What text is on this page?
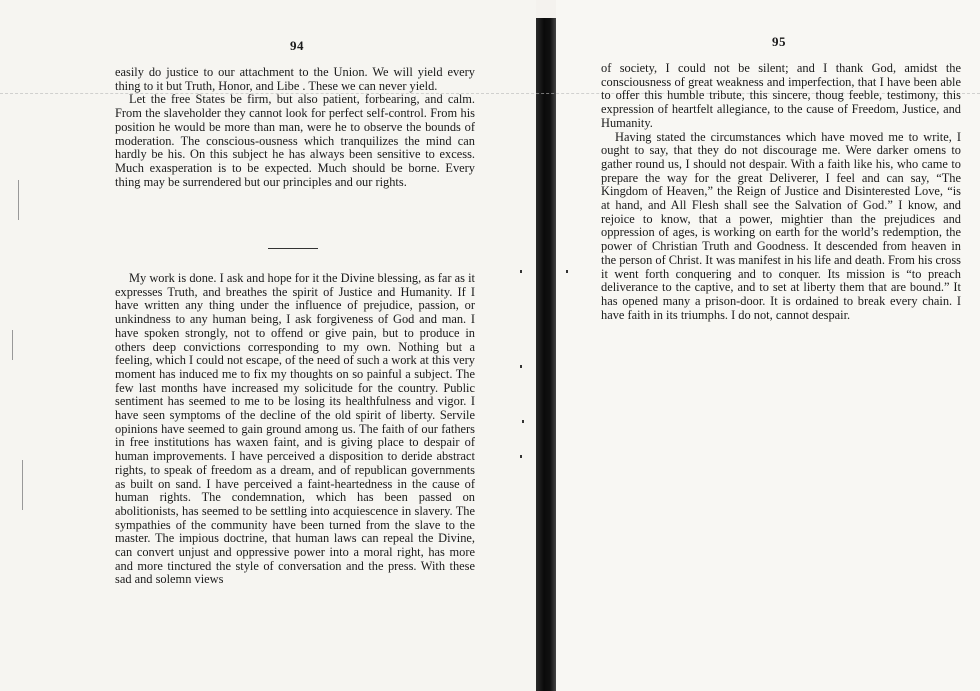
94	95

easily do justice to our attachment to the Union. We will yield every thing to it but Truth, Honor, and Libe . These we can never yield.

Let the free States be firm, but also patient, forbearing, and calm. From the slaveholder they cannot look for perfect self-control. From his position he would be more than man, were he to observe the bounds of moderation. The conscious-ousness which tranquilizes the mind can hardly be his. On this subject he has always been sensitive to excess. Much exasperation is to be expected. Much should be borne. Every thing may be surrendered but our principles and our rights.

My work is done. I ask and hope for it the Divine blessing, as far as it expresses Truth, and breathes the spirit of Justice and Humanity. If I have written any thing under the influence of prejudice, passion, or unkindness to any human being, I ask forgiveness of God and man. I have spoken strongly, not to offend or give pain, but to produce in others deep convictions corresponding to my own. Nothing but a feeling, which I could not escape, of the need of such a work at this very moment has induced me to fix my thoughts on so painful a subject. The few last months have increased my solicitude for the country. Public sentiment has seemed to me to be losing its healthfulness and vigor. I have seen symptoms of the decline of the old spirit of liberty. Servile opinions have seemed to gain ground among us. The faith of our fathers in free institutions has waxen faint, and is giving place to despair of human improvements. I have perceived a disposition to deride abstract rights, to speak of freedom as a dream, and of republican governments as built on sand. I have perceived a faint-heartedness in the cause of human rights. The condemnation, which has been passed on abolitionists, has seemed to be settling into acquiescence in slavery. The sympathies of the community have been turned from the slave to the master. The impious doctrine, that human laws can repeal the Divine, can convert unjust and oppressive power into a moral right, has more and more tinctured the style of conversation and the press. With these sad and solemn views

of society, I could not be silent; and I thank God, amidst the consciousness of great weakness and imperfection, that I have been able to offer this humble tribute, this sincere, thoug feeble, testimony, this expression of heartfelt allegiance, to the cause of Freedom, Justice, and Humanity.

Having stated the circumstances which have moved me to write, I ought to say, that they do not discourage me. Were darker omens to gather round us, I should not despair. With a faith like his, who came to prepare the way for the great Deliverer, I feel and can say, “The Kingdom of Heaven,” the Reign of Justice and Disinterested Love, “is at hand, and All Flesh shall see the Salvation of God.” I know, and rejoice to know, that a power, mightier than the prejudices and oppression of ages, is working on earth for the world’s redemption, the power of Christian Truth and Goodness. It descended from heaven in the person of Christ. It was manifest in his life and death. From his cross it went forth conquering and to conquer. Its mission is “to preach deliverance to the captive, and to set at liberty them that are bound.” It has opened many a prison-door. It is ordained to break every chain. I have faith in its triumphs. I do not, cannot despair.
